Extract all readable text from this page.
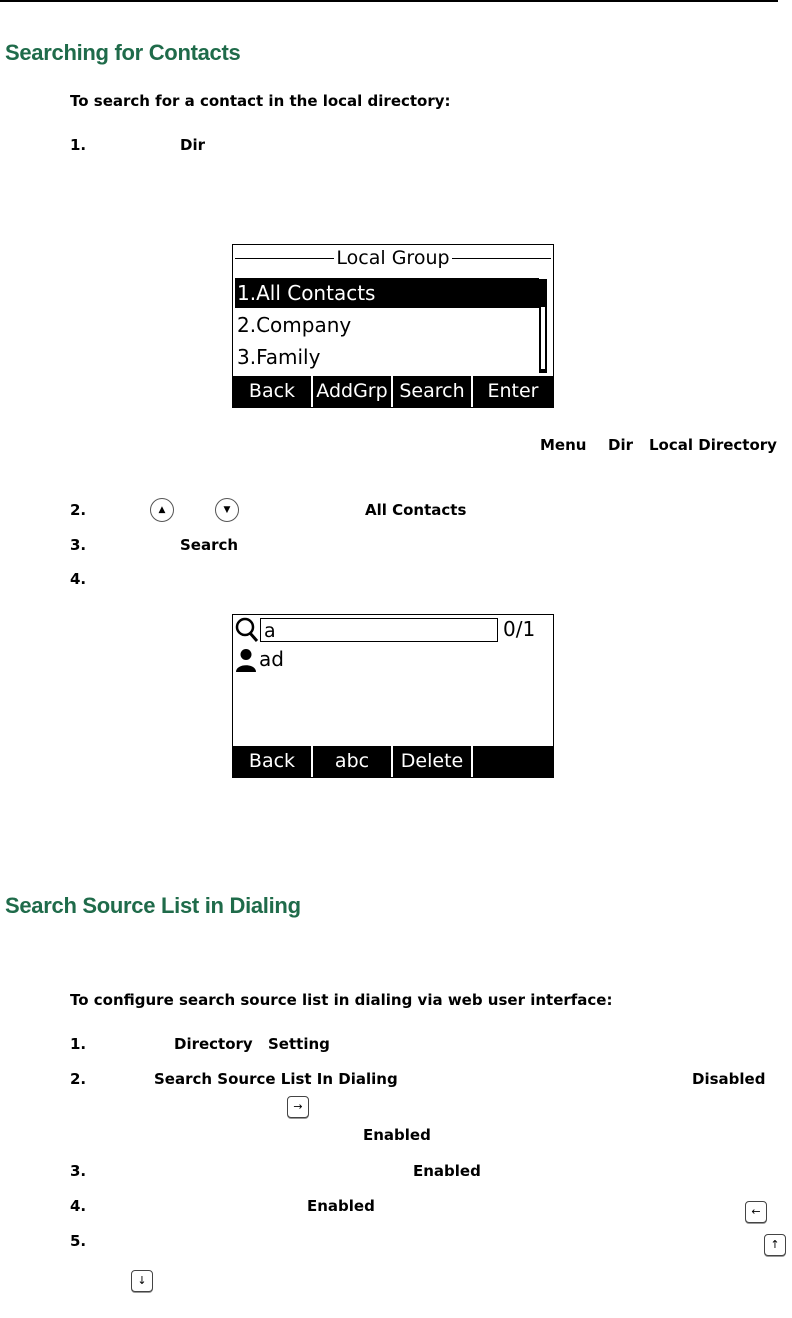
Searching for Contacts
To search for a contact in the local directory:
1.	Dir
Local Group
1.All Contacts
2.Company
3.Family
Back	AddGrp Search	Enter
Menu Dir Local Directory
2.	▲	▼	All Contacts
3.	Search
4.
a	0/1
ad
Back	abc	Delete
Search Source List in Dialing
To configure search source list in dialing via web user interface:
1.	Directory Setting
2.	Search Source List In Dialing	Disabled
→
Enabled
3.	Enabled
4.	Enabled	←
5.	↑
↓
